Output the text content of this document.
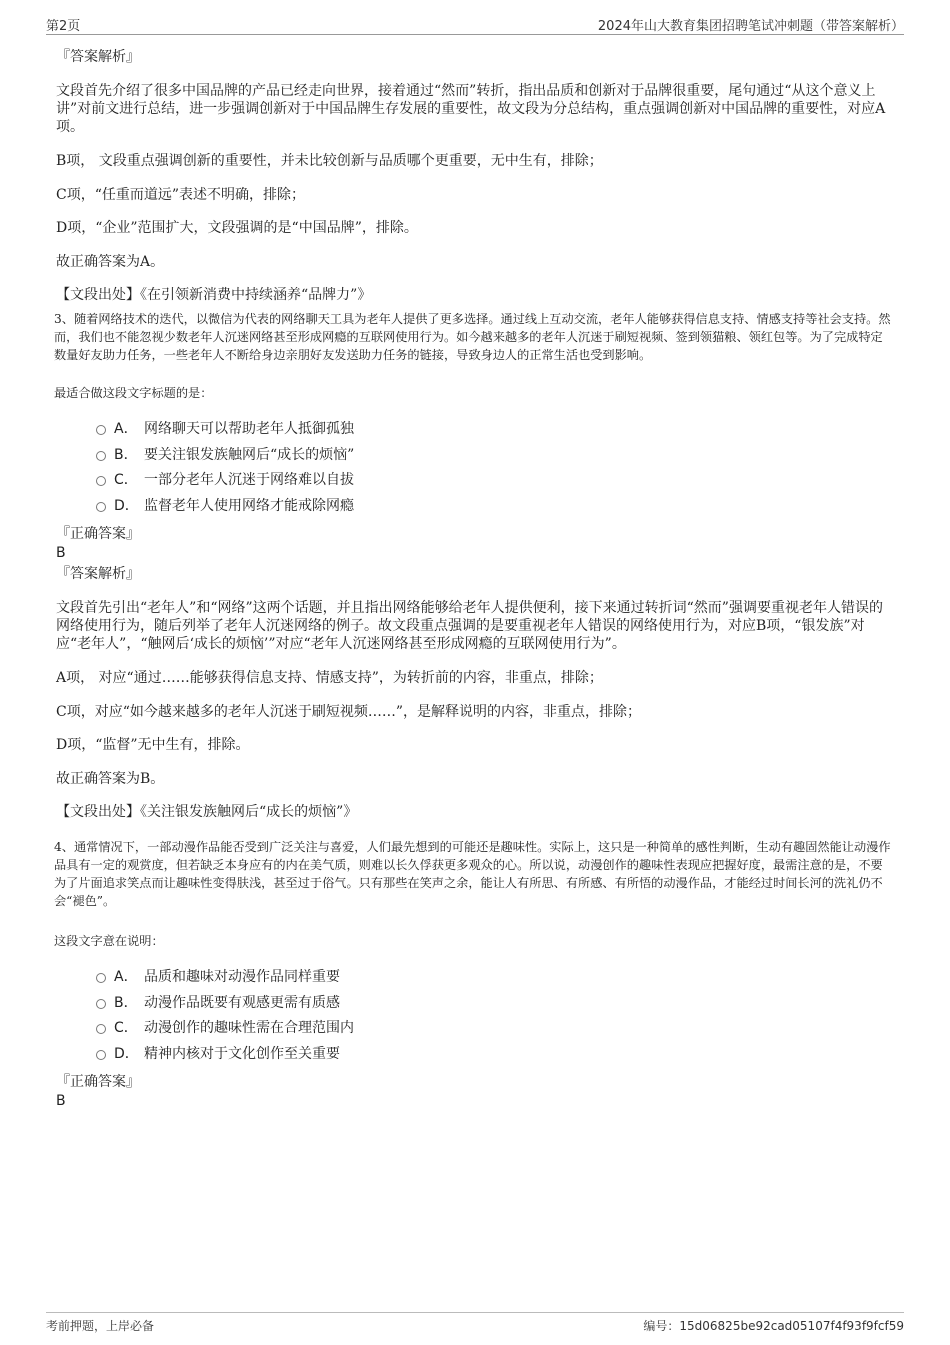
第2页	2024年山大教育集团招聘笔试冲刺题（带答案解析）
『答案解析』
文段首先介绍了很多中国品牌的产品已经走向世界，接着通过“然而”转折，指出品质和创新对于品牌很重要，尾句通过“从这个意义上讲”对前文进行总结，进一步强调创新对于中国品牌生存发展的重要性，故文段为分总结构，重点强调创新对中国品牌的重要性，对应A项。
B项， 文段重点强调创新的重要性，并未比较创新与品质哪个更重要，无中生有，排除；
C项，“任重而道远”表述不明确，排除；
D项，“企业”范围扩大，文段强调的是“中国品牌”，排除。
故正确答案为A。
【文段出处】《在引领新消费中持续涵养“品牌力”》
3、随着网络技术的迭代，以微信为代表的网络聊天工具为老年人提供了更多选择。通过线上互动交流，老年人能够获得信息支持、情感支持等社会支持。然而，我们也不能忽视少数老年人沉迷网络甚至形成网瘾的互联网使用行为。如今越来越多的老年人沉迷于刷短视频、签到领猫粮、领红包等。为了完成特定数量好友助力任务，一些老年人不断给身边亲朋好友发送助力任务的链接，导致身边人的正常生活也受到影响。
最适合做这段文字标题的是：
A． 网络聊天可以帮助老年人抵御孤独
B． 要关注银发族触网后“成长的烦恼”
C． 一部分老年人沉迷于网络难以自拔
D． 监督老年人使用网络才能戒除网瘾
『正确答案』
B
『答案解析』
文段首先引出“老年人”和“网络”这两个话题，并且指出网络能够给老年人提供便利，接下来通过转折词“然而”强调要重视老年人错误的网络使用行为，随后列举了老年人沉迷网络的例子。故文段重点强调的是要重视老年人错误的网络使用行为，对应B项，“银发族”对应“老年人”，“触网后‘成长的烦恼’”对应“老年人沉迷网络甚至形成网瘾的互联网使用行为”。
A项， 对应“通过……能够获得信息支持、情感支持”，为转折前的内容，非重点，排除；
C项，对应“如今越来越多的老年人沉迷于刷短视频……”，是解释说明的内容，非重点，排除；
D项，“监督”无中生有，排除。
故正确答案为B。
【文段出处】《关注银发族触网后“成长的烦恼”》
4、通常情况下，一部动漫作品能否受到广泛关注与喜爱，人们最先想到的可能还是趣味性。实际上，这只是一种简单的感性判断，生动有趣固然能让动漫作品具有一定的观赏度，但若缺乏本身应有的内在美气质，则难以长久俘获更多观众的心。所以说，动漫创作的趣味性表现应把握好度，最需注意的是，不要为了片面追求笑点而让趣味性变得肤浅，甚至过于俗气。只有那些在笑声之余，能让人有所思、有所感、有所悟的动漫作品，才能经过时间长河的洗礼仍不会“褪色”。
这段文字意在说明：
A． 品质和趣味对动漫作品同样重要
B． 动漫作品既要有观感更需有质感
C． 动漫创作的趣味性需在合理范围内
D． 精神内核对于文化创作至关重要
『正确答案』
B
考前押题，上岸必备	编号：15d06825be92cad05107f4f93f9fcf59
